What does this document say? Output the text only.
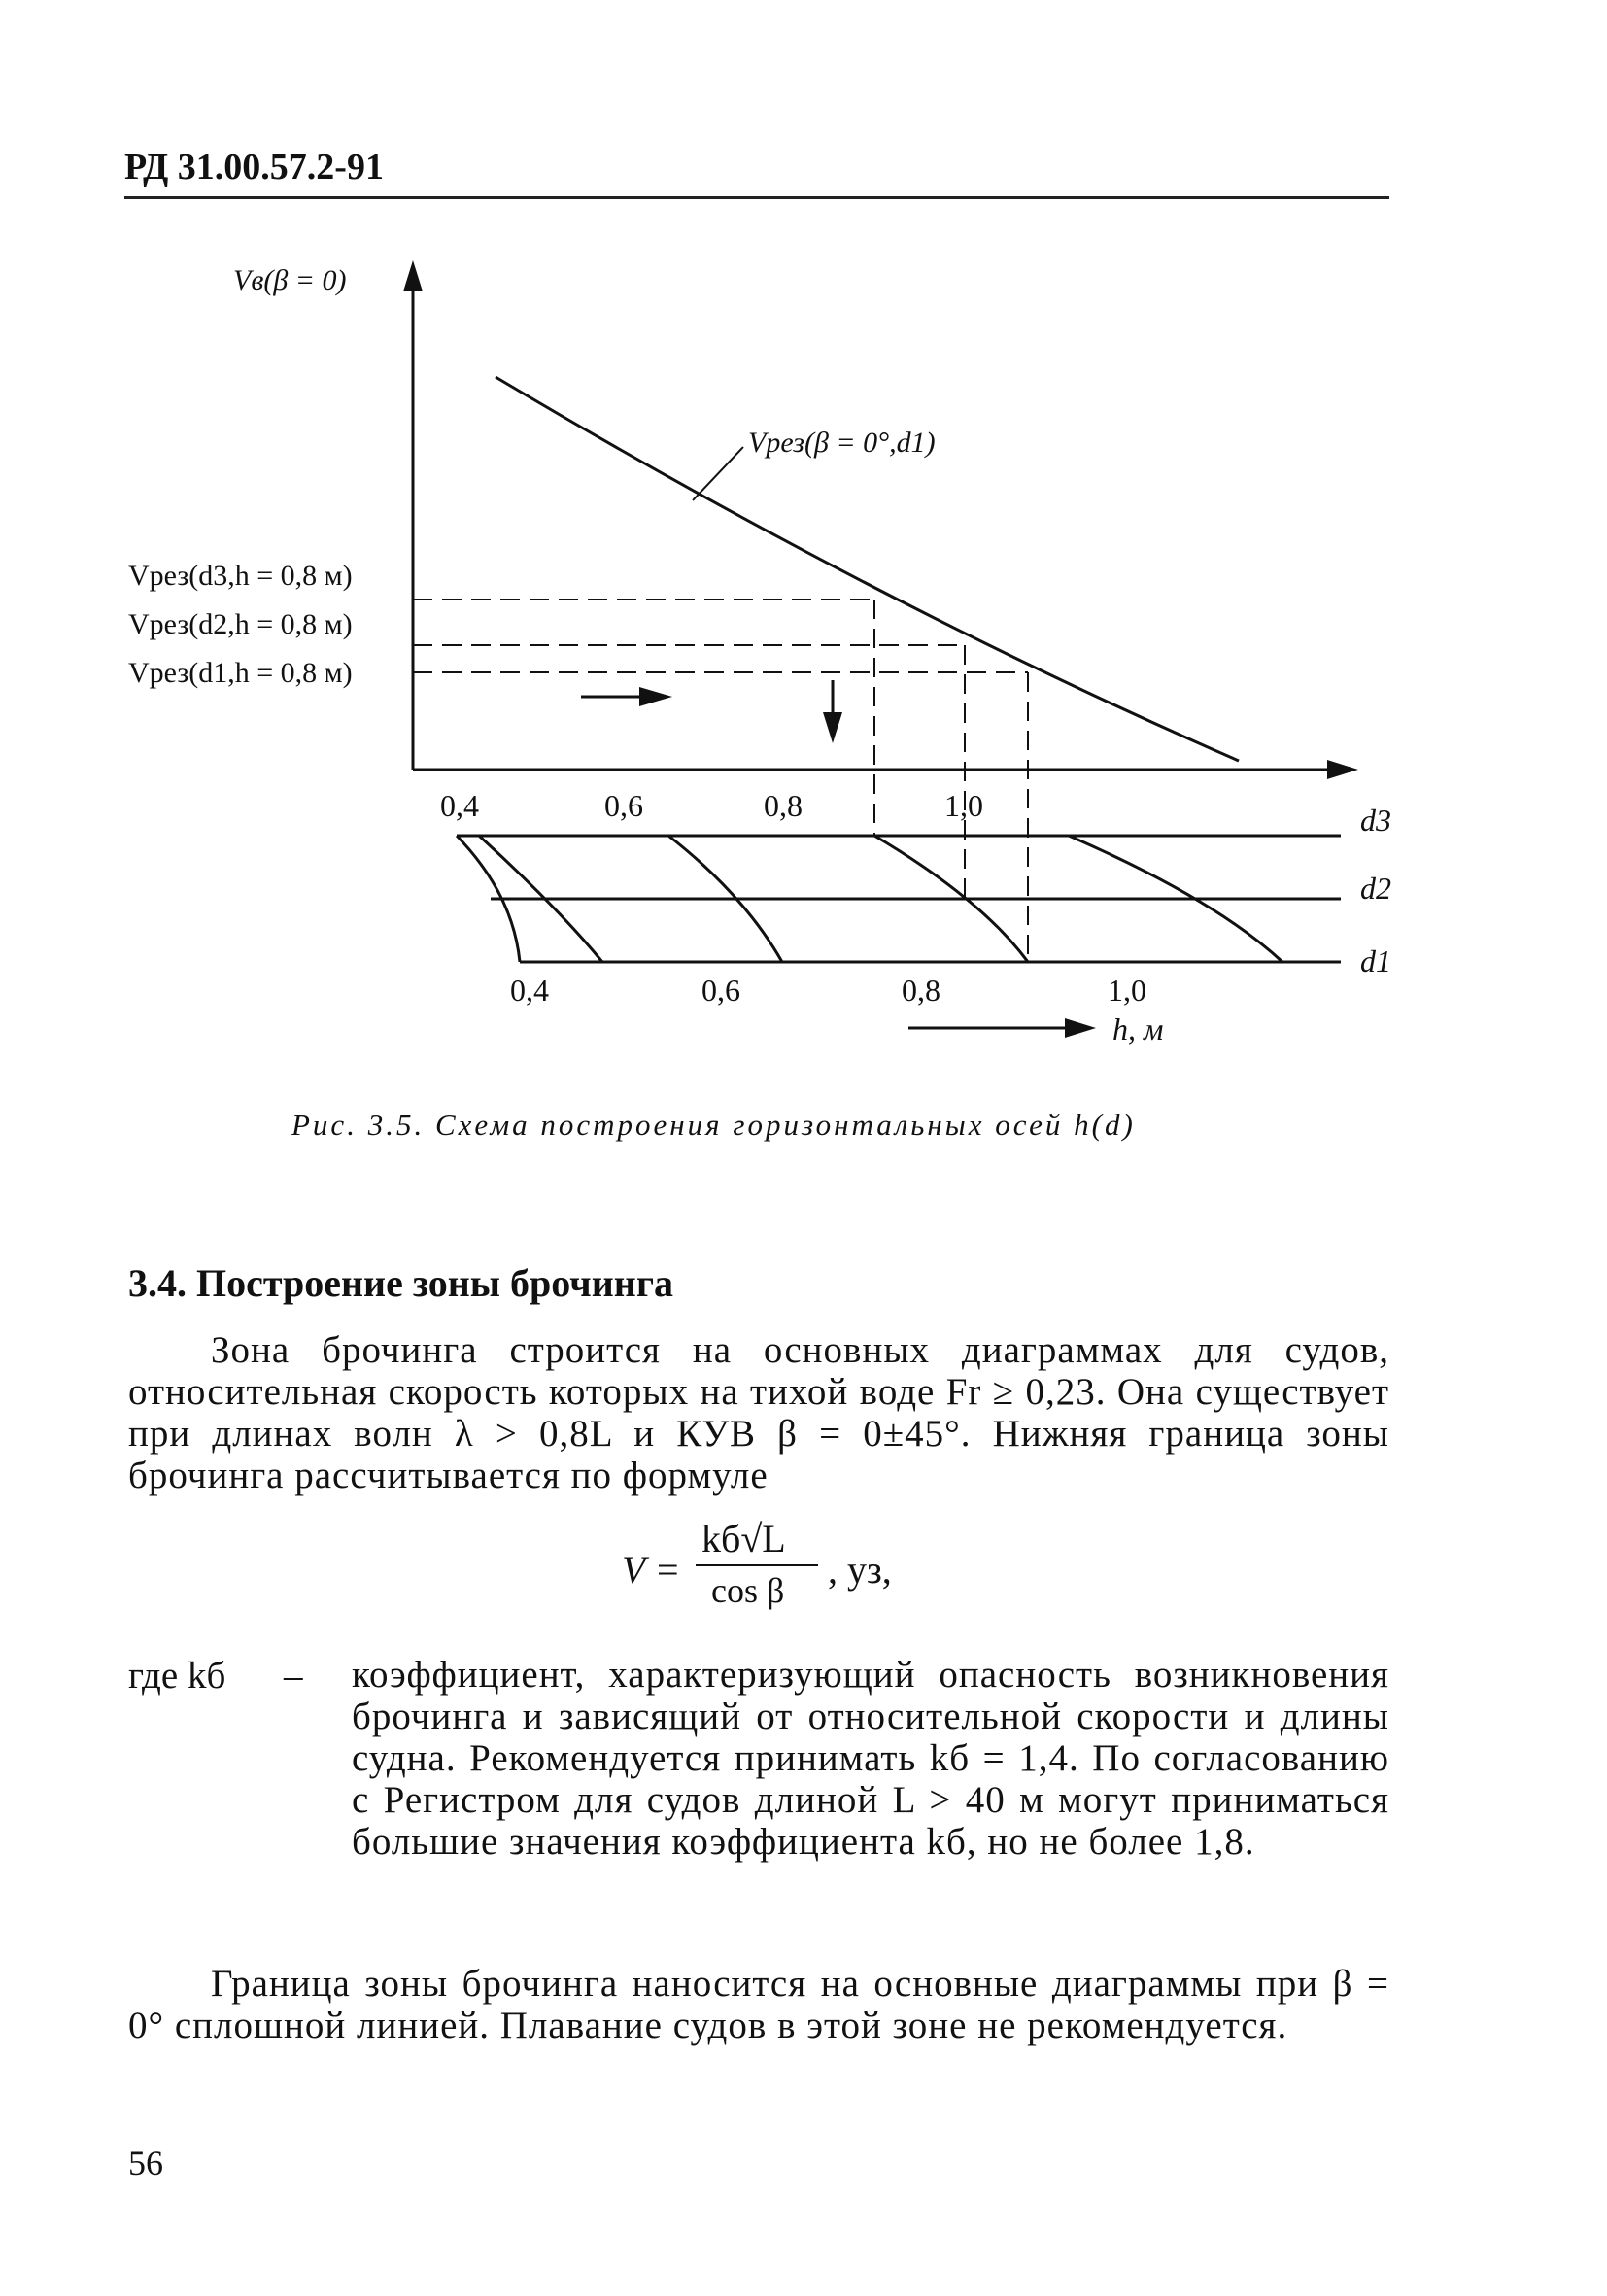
РД 31.00.57.2-91
Vв(β = 0)
Vрез(β = 0°,d1)
Vрез(d3,h = 0,8 м)
Vрез(d2,h = 0,8 м)
Vрез(d1,h = 0,8 м)
0,4	0,6	0,8	1,0
0,4	0,6	0,8	1,0
d3
d2
d1
h, м
Рис. 3.5. Схема построения горизонтальных осей h(d)
3.4. Построение зоны брочинга
Зона брочинга строится на основных диаграммах для судов, относительная скорость которых на тихой воде Fr ≥ 0,23. Она существует при длинах волн λ > 0,8L и КУВ β = 0±45°. Нижняя граница зоны брочинга рассчитывается по формуле
V =
kб√L
cos β , уз,
где kб – коэффициент, характеризующий опасность возникновения брочинга и зависящий от относительной скорости и длины судна. Рекомендуется принимать kб = 1,4. По согласованию с Регистром для судов длиной L > 40 м могут приниматься большие значения коэффициента kб, но не более 1,8.
Граница зоны брочинга наносится на основные диаграммы при β = 0° сплошной линией. Плавание судов в этой зоне не рекомендуется.
56
